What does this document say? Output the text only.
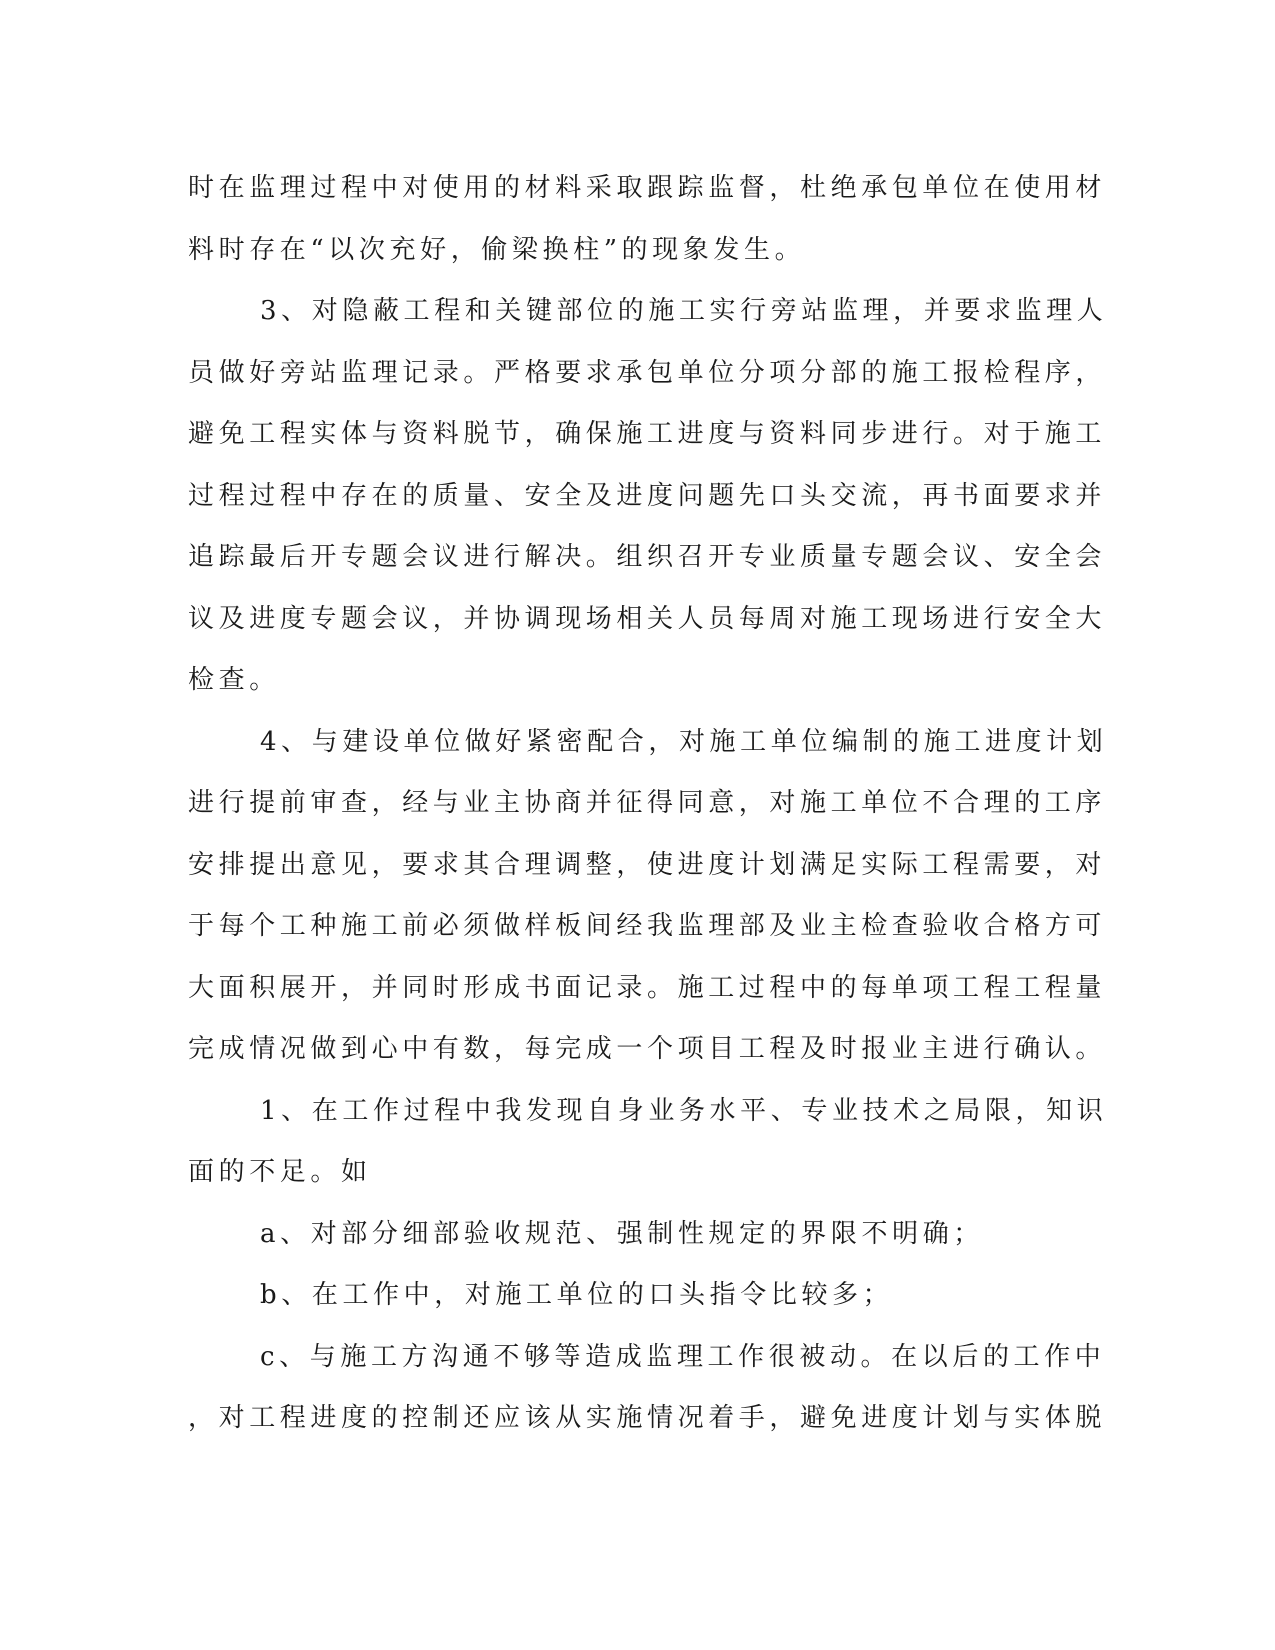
时在监理过程中对使用的材料采取跟踪监督，杜绝承包单位在使用材
料时存在“以次充好，偷梁换柱”的现象发生。
3、对隐蔽工程和关键部位的施工实行旁站监理，并要求监理人
员做好旁站监理记录。严格要求承包单位分项分部的施工报检程序，
避免工程实体与资料脱节，确保施工进度与资料同步进行。对于施工
过程过程中存在的质量、安全及进度问题先口头交流，再书面要求并
追踪最后开专题会议进行解决。组织召开专业质量专题会议、安全会
议及进度专题会议，并协调现场相关人员每周对施工现场进行安全大
检查。
4、与建设单位做好紧密配合，对施工单位编制的施工进度计划
进行提前审查，经与业主协商并征得同意，对施工单位不合理的工序
安排提出意见，要求其合理调整，使进度计划满足实际工程需要，对
于每个工种施工前必须做样板间经我监理部及业主检查验收合格方可
大面积展开，并同时形成书面记录。施工过程中的每单项工程工程量
完成情况做到心中有数，每完成一个项目工程及时报业主进行确认。
1、在工作过程中我发现自身业务水平、专业技术之局限，知识
面的不足。如
a、对部分细部验收规范、强制性规定的界限不明确；
b、在工作中，对施工单位的口头指令比较多；
c、与施工方沟通不够等造成监理工作很被动。在以后的工作中
，对工程进度的控制还应该从实施情况着手，避免进度计划与实体脱
